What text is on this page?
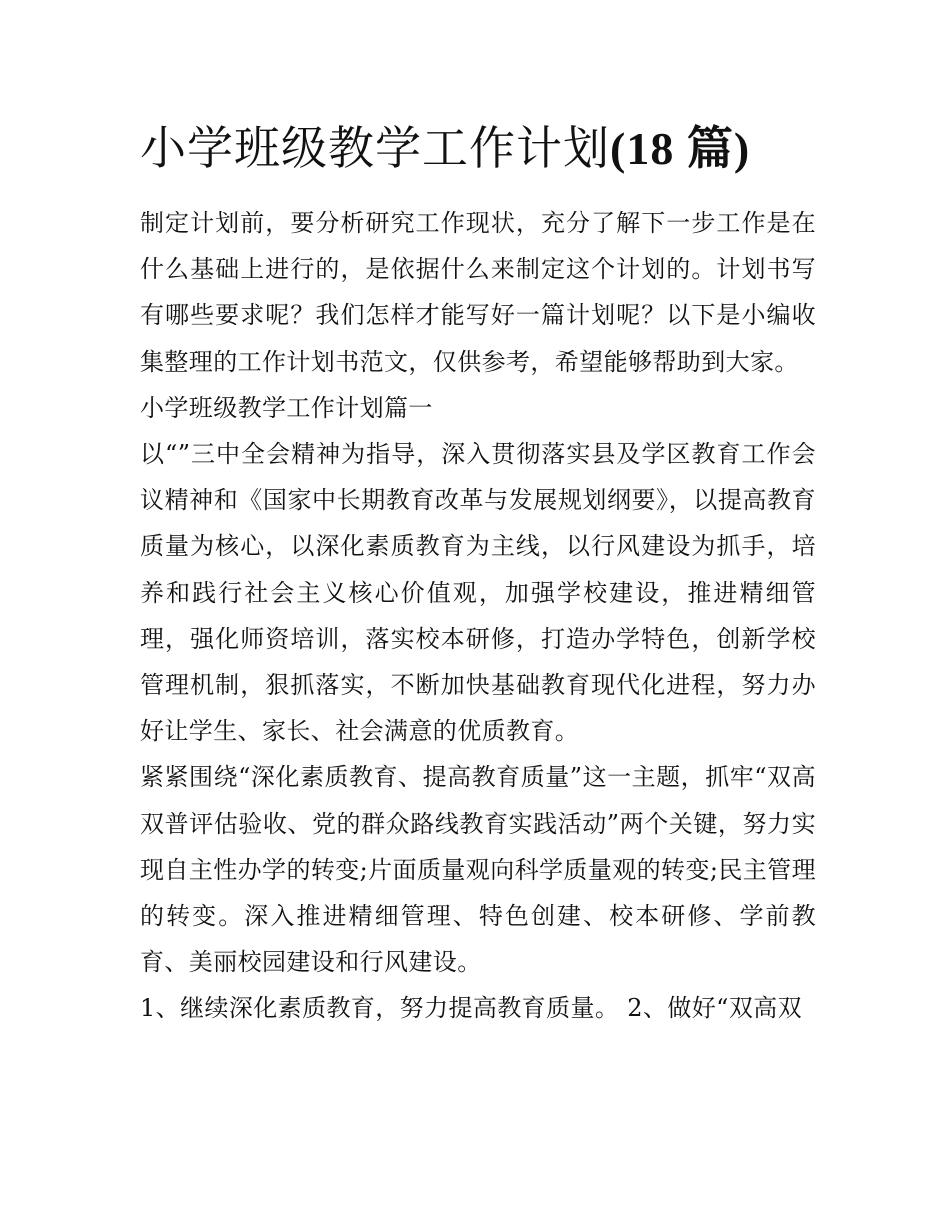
小学班级教学工作计划(18 篇)

制定计划前，要分析研究工作现状，充分了解下一步工作是在什么基础上进行的，是依据什么来制定这个计划的。计划书写有哪些要求呢？我们怎样才能写好一篇计划呢？以下是小编收集整理的工作计划书范文，仅供参考，希望能够帮助到大家。

小学班级教学工作计划篇一

以“”三中全会精神为指导，深入贯彻落实县及学区教育工作会议精神和《国家中长期教育改革与发展规划纲要》，以提高教育质量为核心，以深化素质教育为主线，以行风建设为抓手，培养和践行社会主义核心价值观，加强学校建设，推进精细管理，强化师资培训，落实校本研修，打造办学特色，创新学校管理机制，狠抓落实，不断加快基础教育现代化进程，努力办好让学生、家长、社会满意的优质教育。

紧紧围绕“深化素质教育、提高教育质量”这一主题，抓牢“双高双普评估验收、党的群众路线教育实践活动”两个关键，努力实现自主性办学的转变;片面质量观向科学质量观的转变;民主管理的转变。深入推进精细管理、特色创建、校本研修、学前教育、美丽校园建设和行风建设。

1、继续深化素质教育，努力提高教育质量。 2、做好“双高双
